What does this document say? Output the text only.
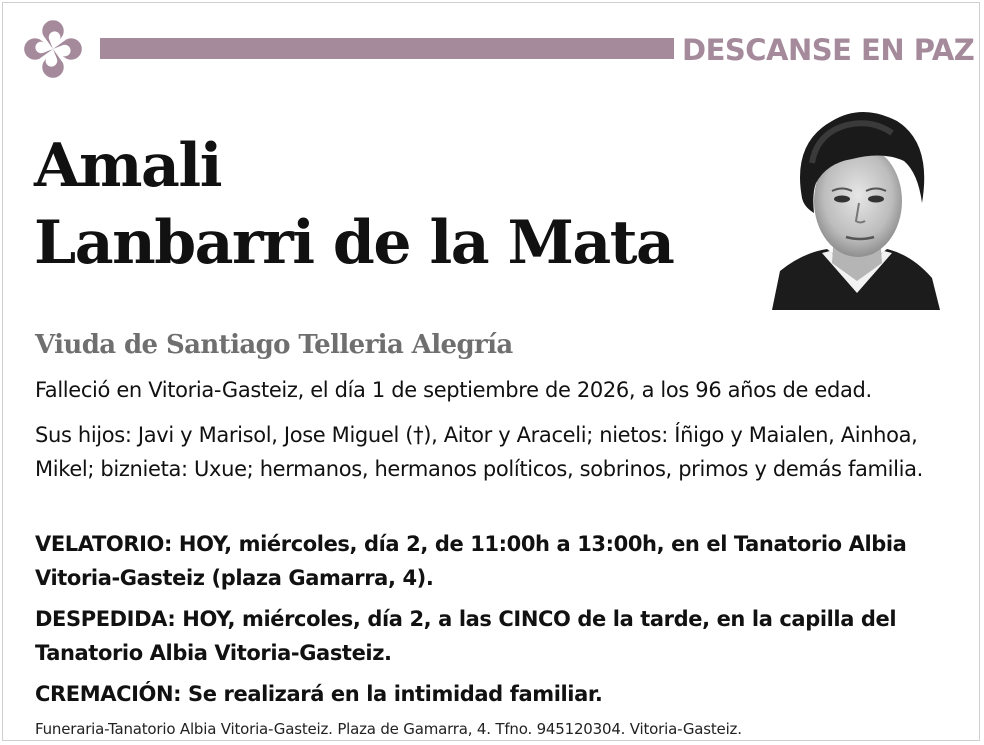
DESCANSE EN PAZ
Amali
Lanbarri de la Mata
Viuda de Santiago Telleria Alegría
Falleció en Vitoria-Gasteiz, el día 1 de septiembre de 2026, a los 96 años de edad.
Sus hijos: Javi y Marisol, Jose Miguel (†), Aitor y Araceli; nietos: Íñigo y Maialen, Ainhoa, Mikel; biznieta: Uxue; hermanos, hermanos políticos, sobrinos, primos y demás familia.
VELATORIO: HOY, miércoles, día 2, de 11:00h a 13:00h, en el Tanatorio Albia Vitoria-Gasteiz (plaza Gamarra, 4).
DESPEDIDA: HOY, miércoles, día 2, a las CINCO de la tarde, en la capilla del Tanatorio Albia Vitoria-Gasteiz.
CREMACIÓN: Se realizará en la intimidad familiar.
Funeraria-Tanatorio Albia Vitoria-Gasteiz. Plaza de Gamarra, 4. Tfno. 945120304. Vitoria-Gasteiz.
